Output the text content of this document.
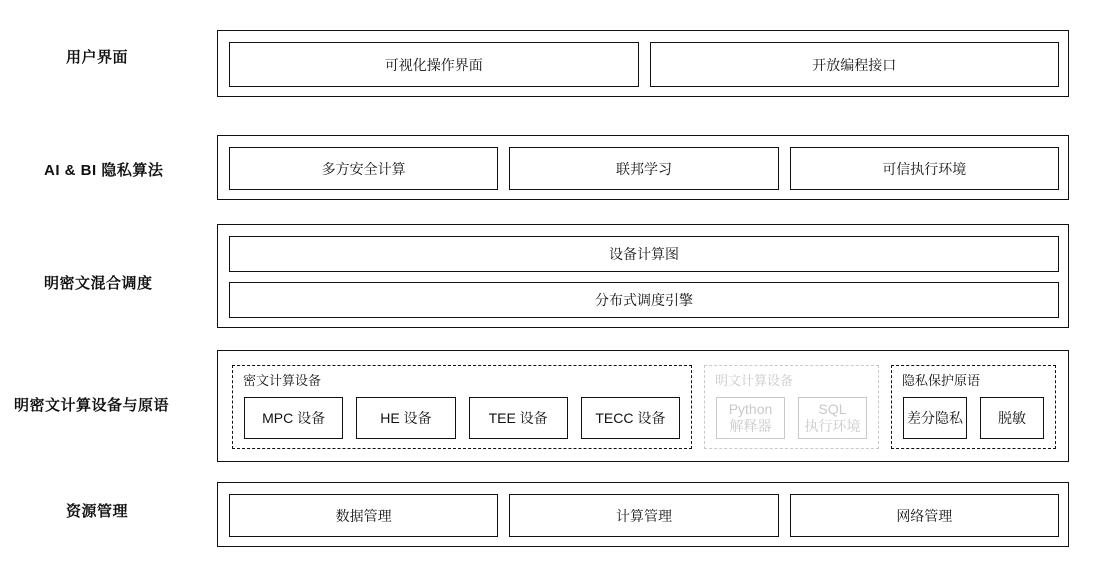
用户界面	可视化操作界面	开放编程接口
AI & BI 隐私算法	多方安全计算	联邦学习	可信执行环境
明密文混合调度
设备计算图
分布式调度引擎
明密文计算设备与原语
密文计算设备
MPC 设备	HE 设备	TEE 设备	TECC 设备
明文计算设备
Python
解释器
SQL
执行环境
隐私保护原语
差分隐私	脱敏
资源管理	数据管理	计算管理	网络管理
